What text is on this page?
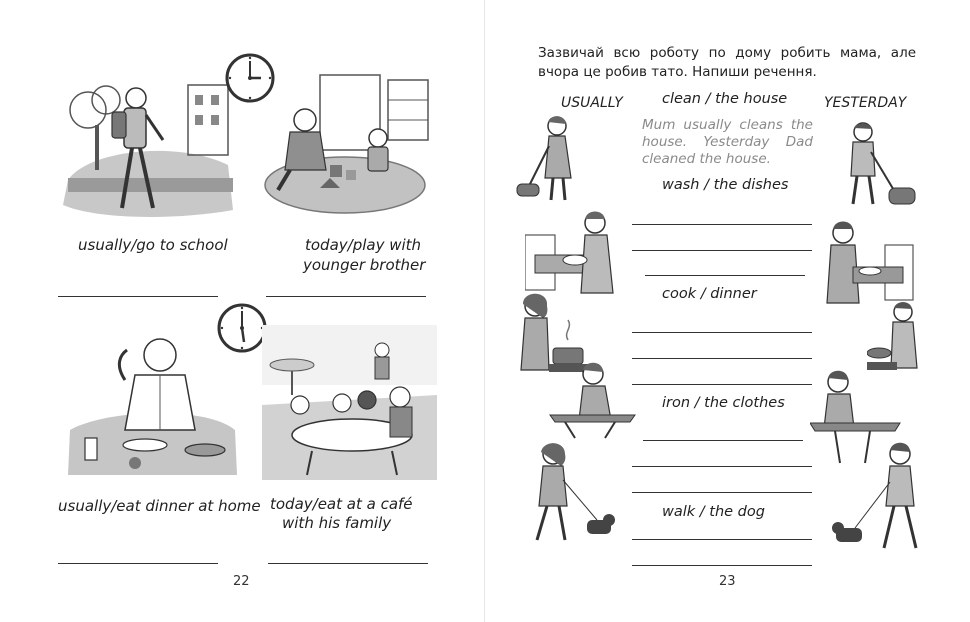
usually/go to school	today/play with
younger brother
usually/eat dinner at home today/eat at a café
with his family
22
Зазвичай всю роботу по дому робить мама, але вчора це робив тато. Напиши речення.
USUALLY	YESTERDAY
clean / the house
Mum usually cleans the house. Yesterday Dad cleaned the house.
wash / the dishes
cook / dinner
iron / the clothes
walk / the dog
23
